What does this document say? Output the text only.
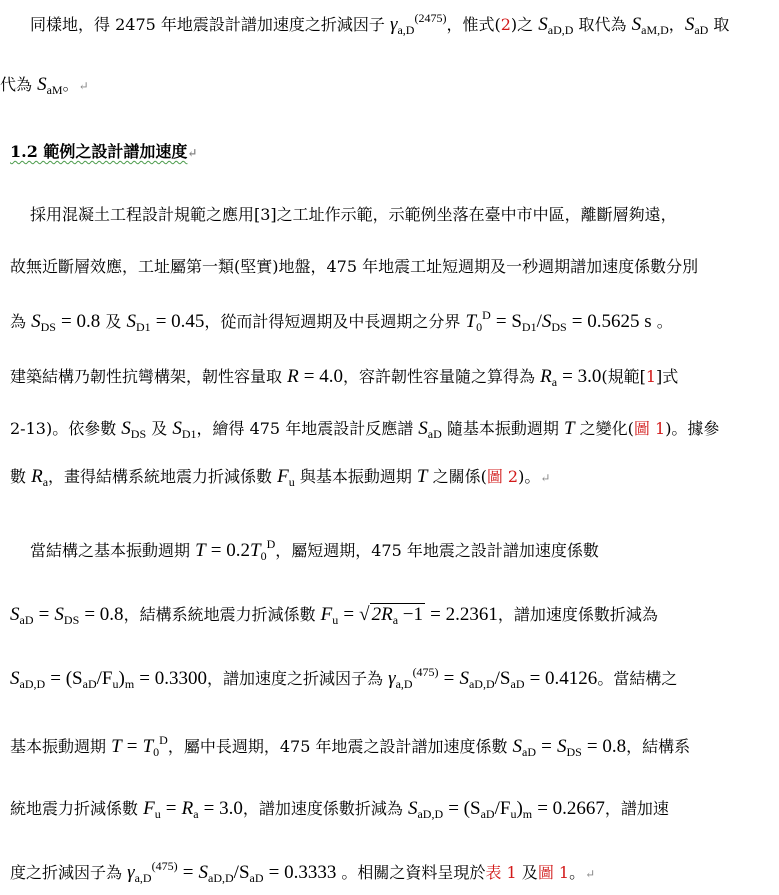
同樣地，得 2475 年地震設計譜加速度之折減因子 $\gamma_{a,D}^{(2475)}$，惟式(2)之 $S_{aD,D}$ 取代為 $S_{aM,D}$，$S_{aD}$ 取
代為 $S_{aM}$。↵
1.2 範例之設計譜加速度↵
採用混凝土工程設計規範之應用[3]之工址作示範，示範例坐落在臺中市中區，離斷層夠遠，
故無近斷層效應，工址屬第一類(堅實)地盤，475 年地震工址短週期及一秒週期譜加速度係數分別
為 $S_{DS} = 0.8$ 及 $S_{D1} = 0.45$，從而計得短週期及中長週期之分界 $T_0^D = S_{D1}/S_{DS} = 0.5625$ s 。
建築結構乃韌性抗彎構架，韌性容量取 R = 4.0，容許韌性容量隨之算得為 $R_a = 3.0$(規範[1]式
2-13)。依參數 $S_{DS}$ 及 $S_{D1}$，繪得 475 年地震設計反應譜 $S_{aD}$ 隨基本振動週期 T 之變化(圖 1)。據參
數 $R_a$，畫得結構系統地震力折減係數 $F_u$ 與基本振動週期 T 之關係(圖 2)。↵
當結構之基本振動週期 $T = 0.2T_0^D$，屬短週期，475 年地震之設計譜加速度係數
$S_{aD} = S_{DS} = 0.8$，結構系統地震力折減係數 $F_u$ = √ $2R_a -1 = 2.2361$，譜加速度係數折減為
$S_{aD,D} = (S_{aD}/F_u)_m = 0.3300$，譜加速度之折減因子為 $\gamma_{a,D}^{(475)} = S_{aD,D}/S_{aD} = 0.4126$。當結構之
基本振動週期 $T = T_0^D$，屬中長週期，475 年地震之設計譜加速度係數 $S_{aD} = S_{DS} = 0.8$，結構系
統地震力折減係數 $F_u = R_a = 3.0$，譜加速度係數折減為 $S_{aD,D} = (S_{aD}/F_u)_m = 0.2667$，譜加速
度之折減因子為 $\gamma_{a,D}^{(475)} = S_{aD,D}/S_{aD} = 0.3333$ 。相關之資料呈現於表 1 及圖 1。↵
